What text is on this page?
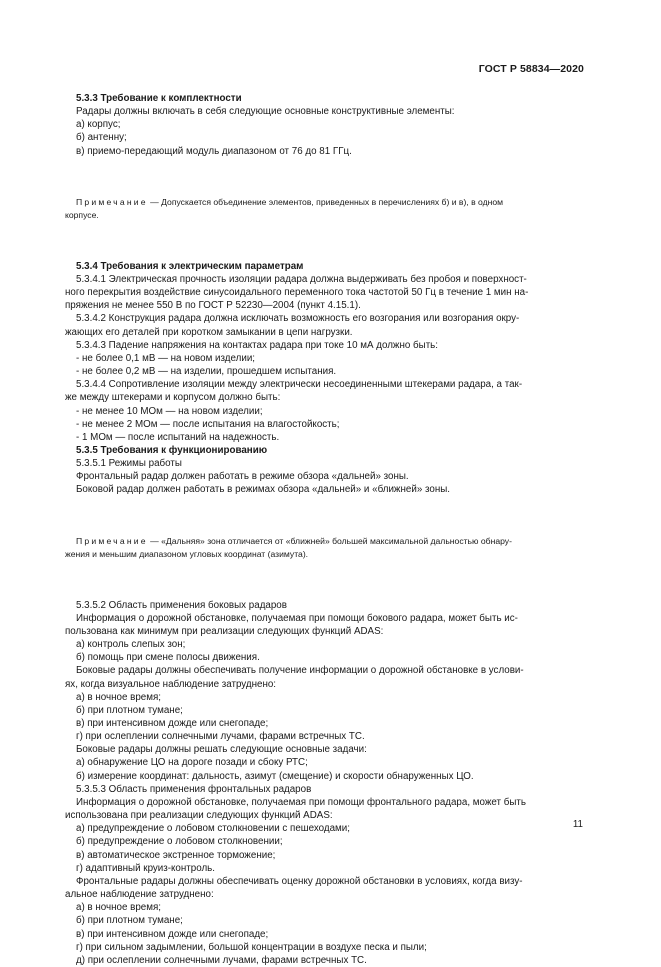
ГОСТ Р 58834—2020

5.3.3 Требование к комплектности

Радары должны включать в себя следующие основные конструктивные элементы:

а) корпус;

б) антенну;

в) приемо-передающий модуль диапазоном от 76 до 81 ГГц.

Примечание — Допускается объединение элементов, приведенных в перечислениях б) и в), в одном

корпусе.

5.3.4 Требования к электрическим параметрам

5.3.4.1 Электрическая прочность изоляции радара должна выдерживать без пробоя и поверхност-

ного перекрытия воздействие синусоидального переменного тока частотой 50 Гц в течение 1 мин на-

пряжения не менее 550 В по ГОСТ Р 52230—2004 (пункт 4.15.1).

5.3.4.2 Конструкция радара должна исключать возможность его возгорания или возгорания окру-

жающих его деталей при коротком замыкании в цепи нагрузки.

5.3.4.3 Падение напряжения на контактах радара при токе 10 мА должно быть:

- не более 0,1 мВ — на новом изделии;

- не более 0,2 мВ — на изделии, прошедшем испытания.

5.3.4.4 Сопротивление изоляции между электрически несоединенными штекерами радара, а так-

же между штекерами и корпусом должно быть:

- не менее 10 МОм — на новом изделии;

- не менее 2 МОм — после испытания на влагостойкость;

- 1 МОм — после испытаний на надежность.

5.3.5 Требования к функционированию

5.3.5.1 Режимы работы

Фронтальный радар должен работать в режиме обзора «дальней» зоны.

Боковой радар должен работать в режимах обзора «дальней» и «ближней» зоны.

Примечание — «Дальняя» зона отличается от «ближней» большей максимальной дальностью обнару-

жения и меньшим диапазоном угловых координат (азимута).

5.3.5.2 Область применения боковых радаров

Информация о дорожной обстановке, получаемая при помощи бокового радара, может быть ис-

пользована как минимум при реализации следующих функций ADAS:

а) контроль слепых зон;

б) помощь при смене полосы движения.

Боковые радары должны обеспечивать получение информации о дорожной обстановке в услови-

ях, когда визуальное наблюдение затруднено:

а) в ночное время;

б) при плотном тумане;

в) при интенсивном дожде или снегопаде;

г) при ослеплении солнечными лучами, фарами встречных ТС.

Боковые радары должны решать следующие основные задачи:

а) обнаружение ЦО на дороге позади и сбоку РТС;

б) измерение координат: дальность, азимут (смещение) и скорости обнаруженных ЦО.

5.3.5.3 Область применения фронтальных радаров

Информация о дорожной обстановке, получаемая при помощи фронтального радара, может быть

использована при реализации следующих функций ADAS:

а) предупреждение о лобовом столкновении с пешеходами;

б) предупреждение о лобовом столкновении;

в) автоматическое экстренное торможение;

г) адаптивный круиз-контроль.

Фронтальные радары должны обеспечивать оценку дорожной обстановки в условиях, когда визу-

альное наблюдение затруднено:

а) в ночное время;

б) при плотном тумане;

в) при интенсивном дожде или снегопаде;

г) при сильном задымлении, большой концентрации в воздухе песка и пыли;

д) при ослеплении солнечными лучами, фарами встречных ТС.

11
